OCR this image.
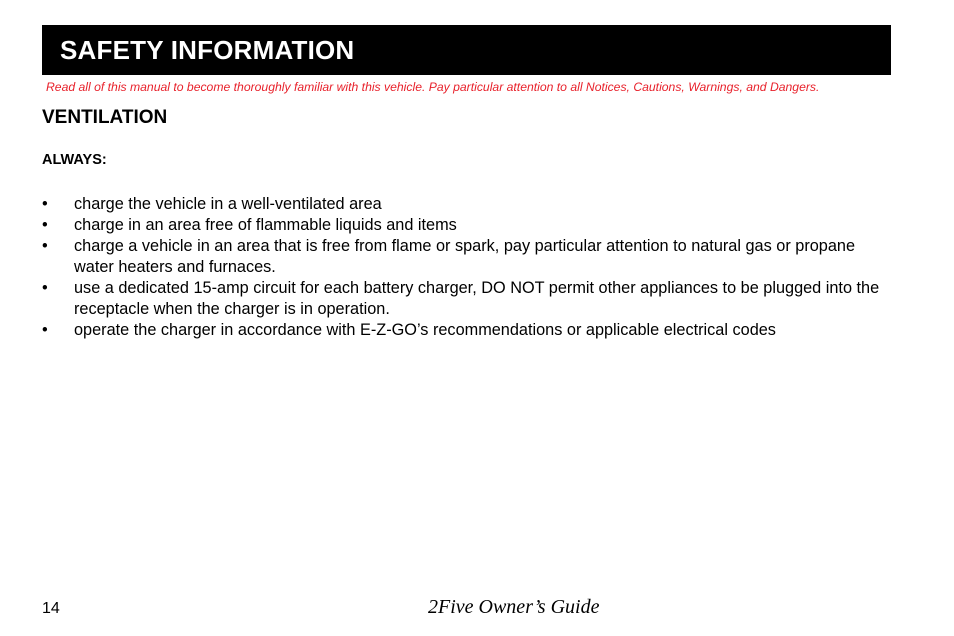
SAFETY INFORMATION
Read all of this manual to become thoroughly familiar with this vehicle. Pay particular attention to all Notices, Cautions, Warnings, and Dangers.
VENTILATION
ALWAYS:
• charge the vehicle in a well-ventilated area
• charge in an area free of flammable liquids and items
• charge a vehicle in an area that is free from flame or spark, pay particular attention to natural gas or propane water heaters and furnaces.
• use a dedicated 15-amp circuit for each battery charger, DO NOT permit other appliances to be plugged into the receptacle when the charger is in operation.
• operate the charger in accordance with E-Z-GO’s recommendations or applicable electrical codes
14	2Five Owner’s Guide
